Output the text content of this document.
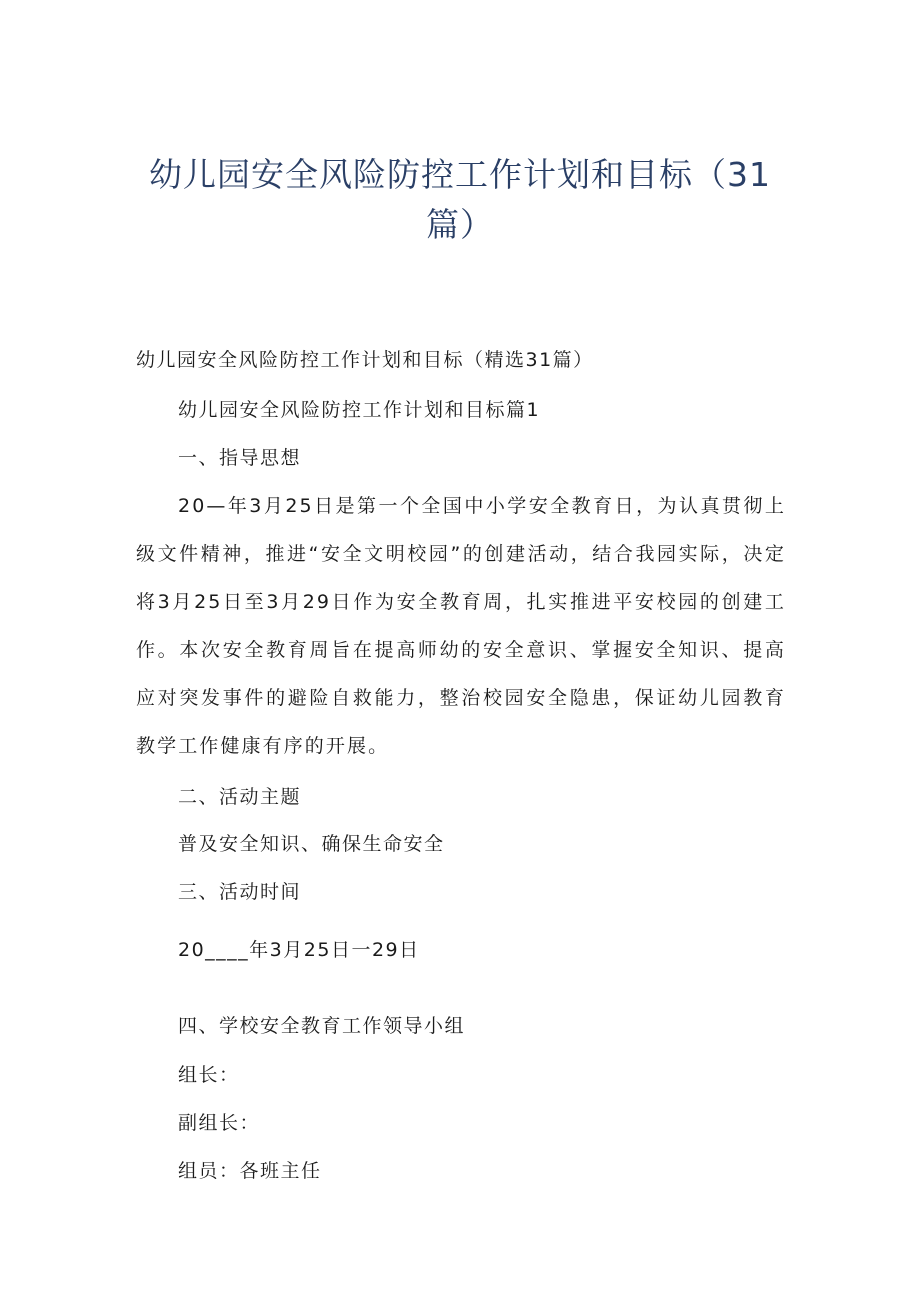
幼儿园安全风险防控工作计划和目标（31篇）

幼儿园安全风险防控工作计划和目标（精选31篇）

幼儿园安全风险防控工作计划和目标篇1

一、指导思想

20—年3月25日是第一个全国中小学安全教育日，为认真贯彻上级文件精神，推进“安全文明校园”的创建活动，结合我园实际，决定将3月25日至3月29日作为安全教育周，扎实推进平安校园的创建工作。本次安全教育周旨在提高师幼的安全意识、掌握安全知识、提高应对突发事件的避险自救能力，整治校园安全隐患，保证幼儿园教育教学工作健康有序的开展。

二、活动主题

普及安全知识、确保生命安全

三、活动时间

20____年3月25日一29日

四、学校安全教育工作领导小组

组长：

副组长：

组员：各班主任
